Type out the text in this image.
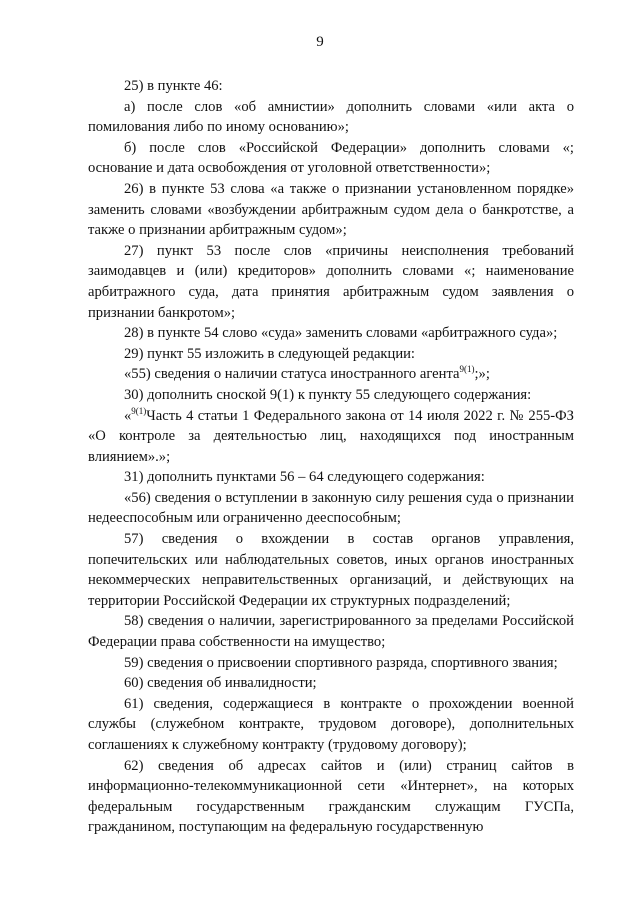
9

25) в пункте 46:

а) после слов «об амнистии» дополнить словами «или акта о помилования либо по иному основанию»;

б) после слов «Российской Федерации» дополнить словами «; основание и дата освобождения от уголовной ответственности»;

26) в пункте 53 слова «а также о признании установленном порядке» заменить словами «возбуждении арбитражным судом дела о банкротстве, а также о признании арбитражным судом»;

27) пункт 53 после слов «причины неисполнения требований заимодавцев и (или) кредиторов» дополнить словами «; наименование арбитражного суда, дата принятия арбитражным судом заявления о признании банкротом»;

28) в пункте 54 слово «суда» заменить словами «арбитражного суда»;

29) пункт 55 изложить в следующей редакции:

«55) сведения о наличии статуса иностранного агента$^{9(1)}$;»;

30) дополнить сноской 9(1) к пункту 55 следующего содержания:

«$^{9(1)}$Часть 4 статьи 1 Федерального закона от 14 июля 2022 г. № 255-ФЗ «О контроле за деятельностью лиц, находящихся под иностранным влиянием».»;

31) дополнить пунктами 56 – 64 следующего содержания:

«56) сведения о вступлении в законную силу решения суда о признании недееспособным или ограниченно дееспособным;

57) сведения о вхождении в состав органов управления, попечительских или наблюдательных советов, иных органов иностранных некоммерческих неправительственных организаций, и действующих на территории Российской Федерации их структурных подразделений;

58) сведения о наличии, зарегистрированного за пределами Российской Федерации права собственности на имущество;

59) сведения о присвоении спортивного разряда, спортивного звания;

60) сведения об инвалидности;

61) сведения, содержащиеся в контракте о прохождении военной службы (служебном контракте, трудовом договоре), дополнительных соглашениях к служебному контракту (трудовому договору);

62) сведения об адресах сайтов и (или) страниц сайтов в информационно-телекоммуникационной сети «Интернет», на которых федеральным государственным гражданским служащим ГУСПа, гражданином, поступающим на федеральную государственную
